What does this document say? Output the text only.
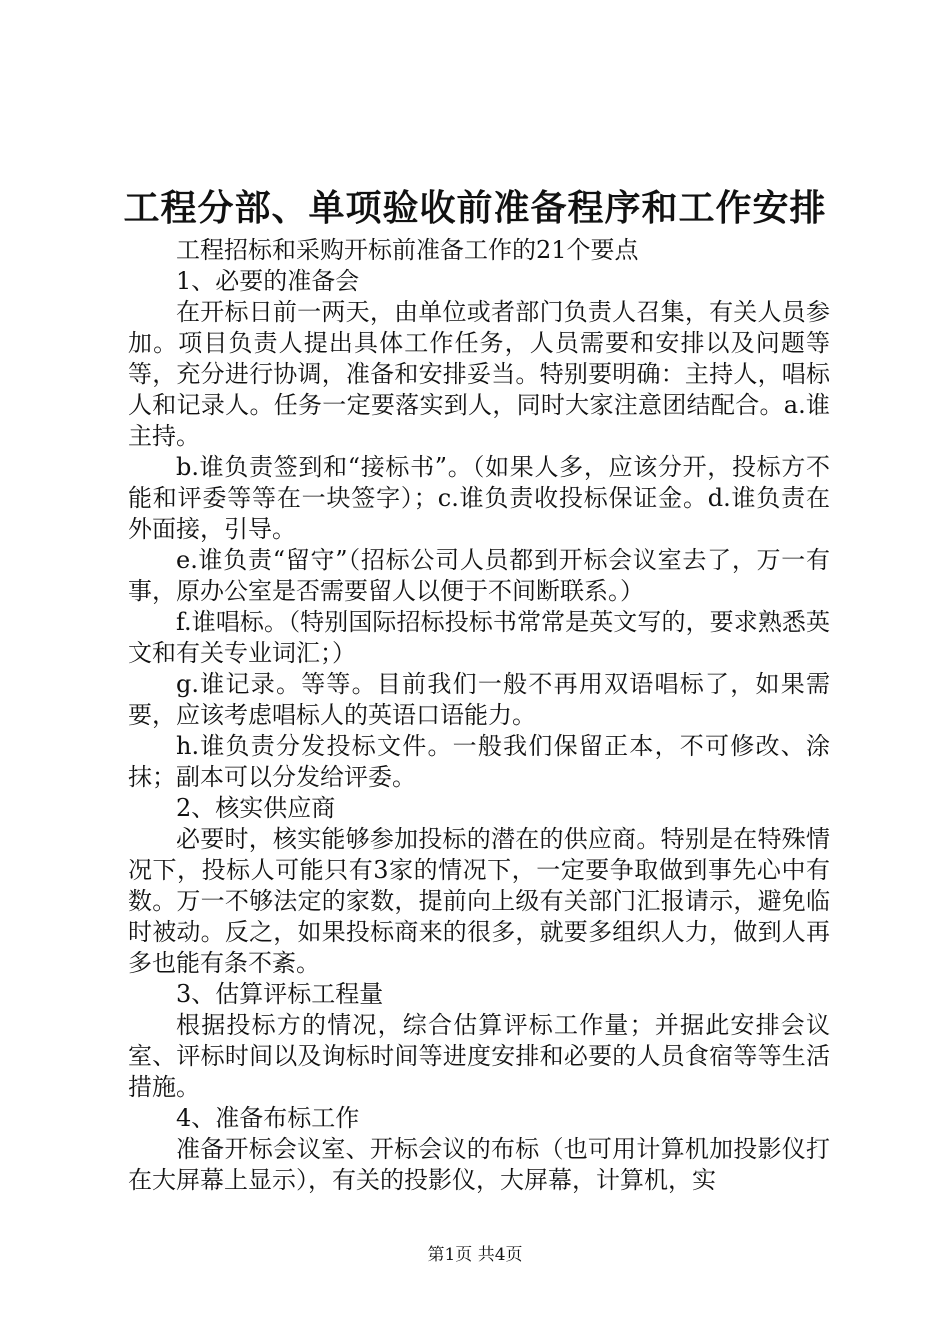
工程分部、单项验收前准备程序和工作安排

工程招标和采购开标前准备工作的21个要点

1、必要的准备会

在开标日前一两天，由单位或者部门负责人召集，有关人员参加。项目负责人提出具体工作任务，人员需要和安排以及问题等等，充分进行协调，准备和安排妥当。特别要明确：主持人，唱标人和记录人。任务一定要落实到人，同时大家注意团结配合。a.谁主持。

b.谁负责签到和“接标书”。（如果人多，应该分开，投标方不能和评委等等在一块签字）；c.谁负责收投标保证金。d.谁负责在外面接，引导。

e.谁负责“留守”（招标公司人员都到开标会议室去了，万一有事，原办公室是否需要留人以便于不间断联系。）

f.谁唱标。（特别国际招标投标书常常是英文写的，要求熟悉英文和有关专业词汇；）

g.谁记录。等等。目前我们一般不再用双语唱标了，如果需要，应该考虑唱标人的英语口语能力。

h.谁负责分发投标文件。一般我们保留正本，不可修改、涂抹；副本可以分发给评委。

2、核实供应商

必要时，核实能够参加投标的潜在的供应商。特别是在特殊情况下，投标人可能只有3家的情况下，一定要争取做到事先心中有数。万一不够法定的家数，提前向上级有关部门汇报请示，避免临时被动。反之，如果投标商来的很多，就要多组织人力，做到人再多也能有条不紊。

3、估算评标工程量

根据投标方的情况，综合估算评标工作量；并据此安排会议室、评标时间以及询标时间等进度安排和必要的人员食宿等等生活措施。

4、准备布标工作

准备开标会议室、开标会议的布标（也可用计算机加投影仪打在大屏幕上显示），有关的投影仪，大屏幕，计算机，实

第1页 共4页
